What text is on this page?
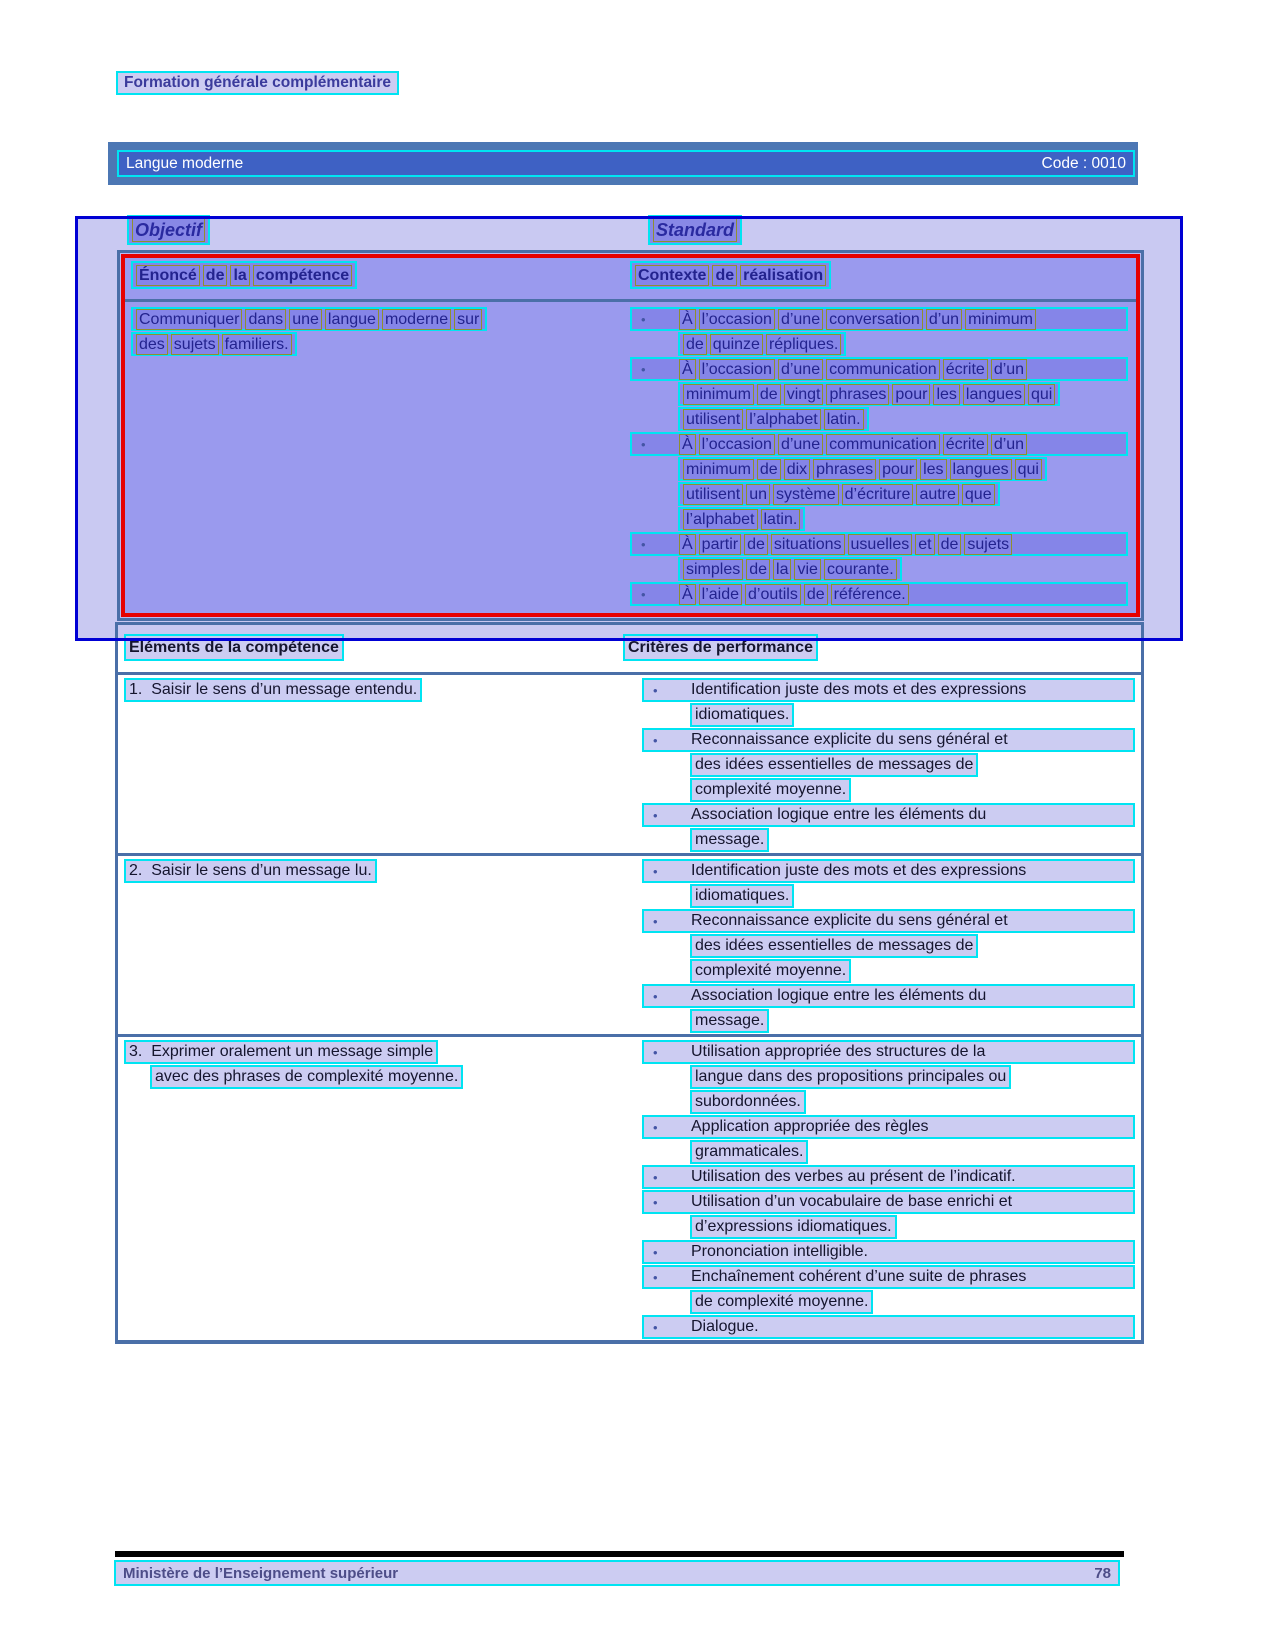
Formation générale complémentaire
Langue moderne	Code : 0010
Objectif	Standard
Énoncé de la compétence	Contexte de réalisation
Communiquer dans une langue moderne sur
des sujets familiers.
•	À l’occasion d’une conversation d’un minimum
de quinze répliques.
•	À l’occasion d’une communication écrite d’un
minimum de vingt phrases pour les langues qui
utilisent l’alphabet latin.
•	À l’occasion d’une communication écrite d’un
minimum de dix phrases pour les langues qui
utilisent un système d’écriture autre que
l’alphabet latin.
•	À partir de situations usuelles et de sujets
simples de la vie courante.
•	À l’aide d’outils de référence.
Éléments de la compétence	Critères de performance
1.  Saisir le sens d’un message entendu.	•	Identification juste des mots et des expressions
idiomatiques.
•	Reconnaissance explicite du sens général et
des idées essentielles de messages de
complexité moyenne.
•	Association logique entre les éléments du
message.
2.  Saisir le sens d’un message lu.	•	Identification juste des mots et des expressions
idiomatiques.
•	Reconnaissance explicite du sens général et
des idées essentielles de messages de
complexité moyenne.
•	Association logique entre les éléments du
message.
3.  Exprimer oralement un message simple
avec des phrases de complexité moyenne.
•	Utilisation appropriée des structures de la
langue dans des propositions principales ou
subordonnées.
•	Application appropriée des règles
grammaticales.
•	Utilisation des verbes au présent de l’indicatif.
•	Utilisation d’un vocabulaire de base enrichi et
d’expressions idiomatiques.
•	Prononciation intelligible.
•	Enchaînement cohérent d’une suite de phrases
de complexité moyenne.
•	Dialogue.
Ministère de l’Enseignement supérieur	78
